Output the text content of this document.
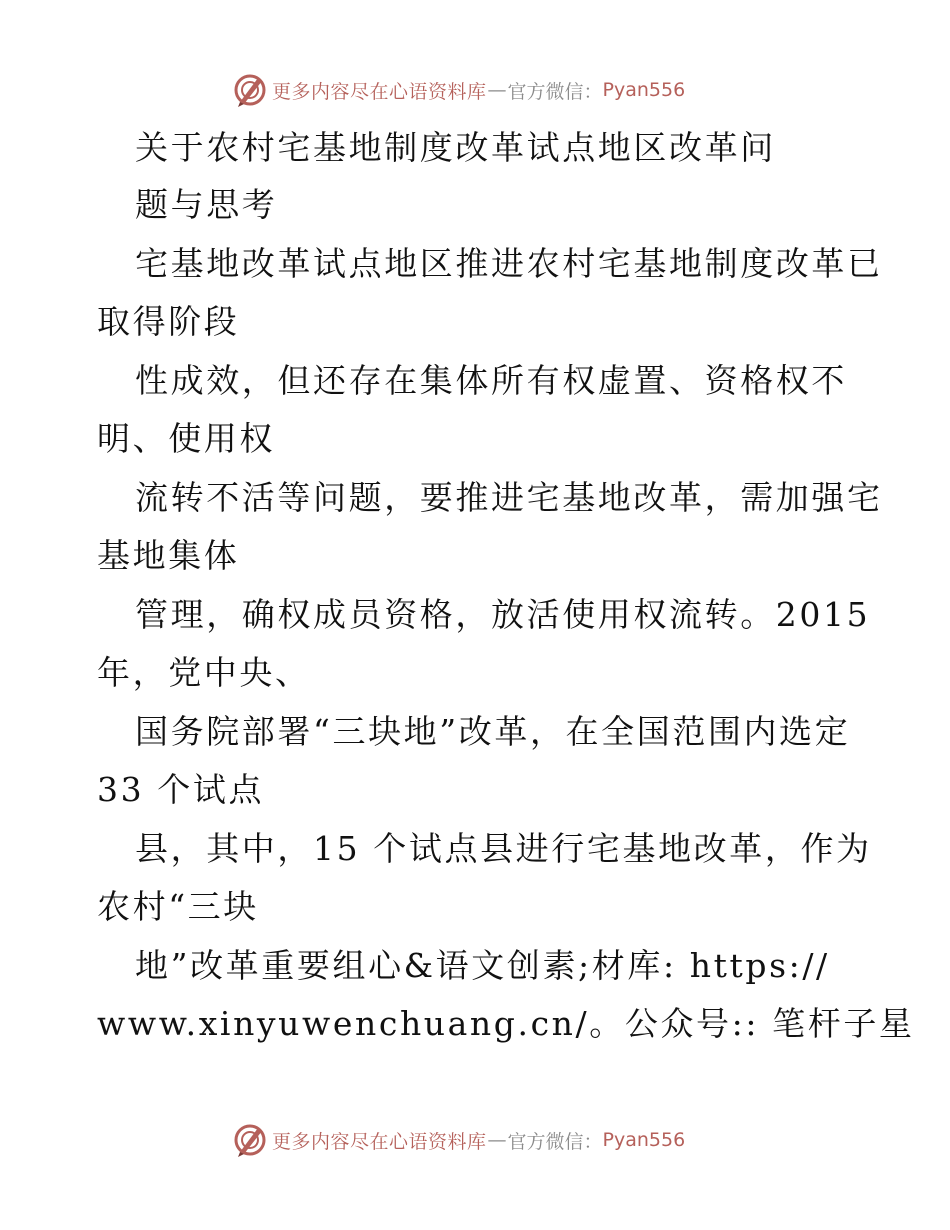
更多内容尽在心语资料库 — 官方微信： Pyan556
关于农村宅基地制度改革试点地区改革问
题与思考
宅基地改革试点地区推进农村宅基地制度改革已
取得阶段
性成效，但还存在集体所有权虚置、资格权不
明、使用权
流转不活等问题，要推进宅基地改革，需加强宅
基地集体
管理，确权成员资格，放活使用权流转。2015
年，党中央、
国务院部署“三块地”改革，在全国范围内选定
33 个试点
县，其中，15 个试点县进行宅基地改革，作为
农村“三块
地”改革重要组心&语文创素;材库: https://
www.xinyuwenchuang.cn/。公众号:: 笔杆子星
更多内容尽在心语资料库 — 官方微信： Pyan556
